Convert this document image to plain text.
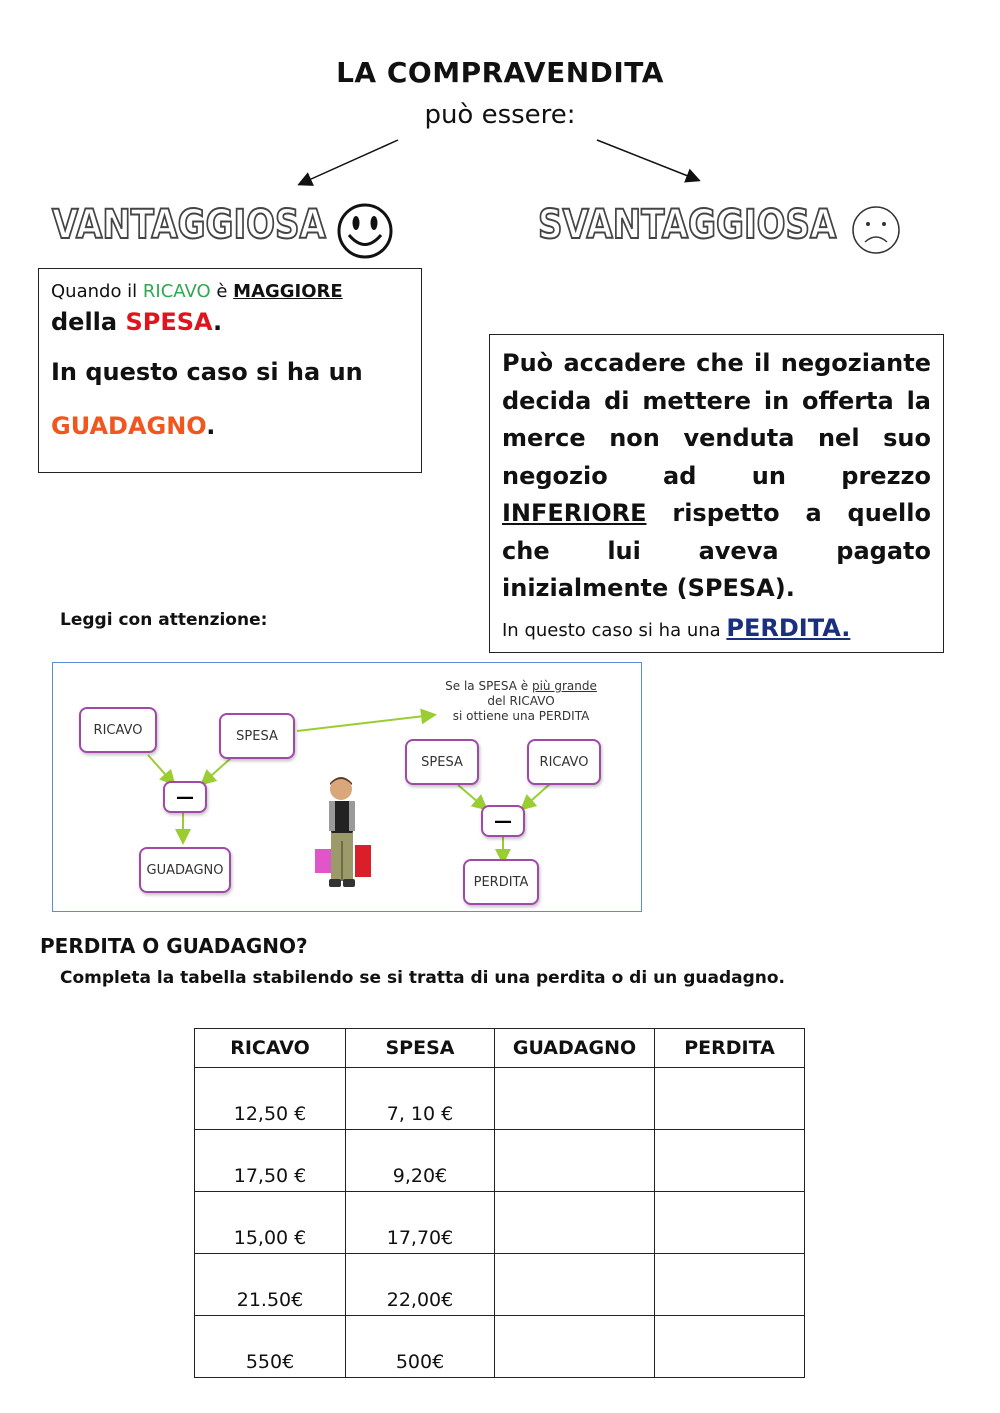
LA COMPRAVENDITA
può essere:
VANTAGGIOSA	SVANTAGGIOSA
Quando il RICAVO è MAGGIORE
della SPESA.
In questo caso si ha un
GUADAGNO.
Può accadere che il negoziante decida di mettere in offerta la merce non venduta nel suo negozio ad un prezzo INFERIORE rispetto a quello che lui aveva pagato inizialmente (SPESA).
In questo caso si ha una PERDITA.
Leggi con attenzione:
Se la SPESA è più grande
del RICAVO
si ottiene una PERDITA
RICAVO	SPESA
—
GUADAGNO
SPESA	RICAVO
—
PERDITA
PERDITA O GUADAGNO?
Completa la tabella stabilendo se si tratta di una perdita o di un guadagno.
RICAVO	SPESA	GUADAGNO	PERDITA
12,50 €	7, 10 €		
17,50 €	9,20€		
15,00 €	17,70€		
21.50€	22,00€		
550€	500€		
